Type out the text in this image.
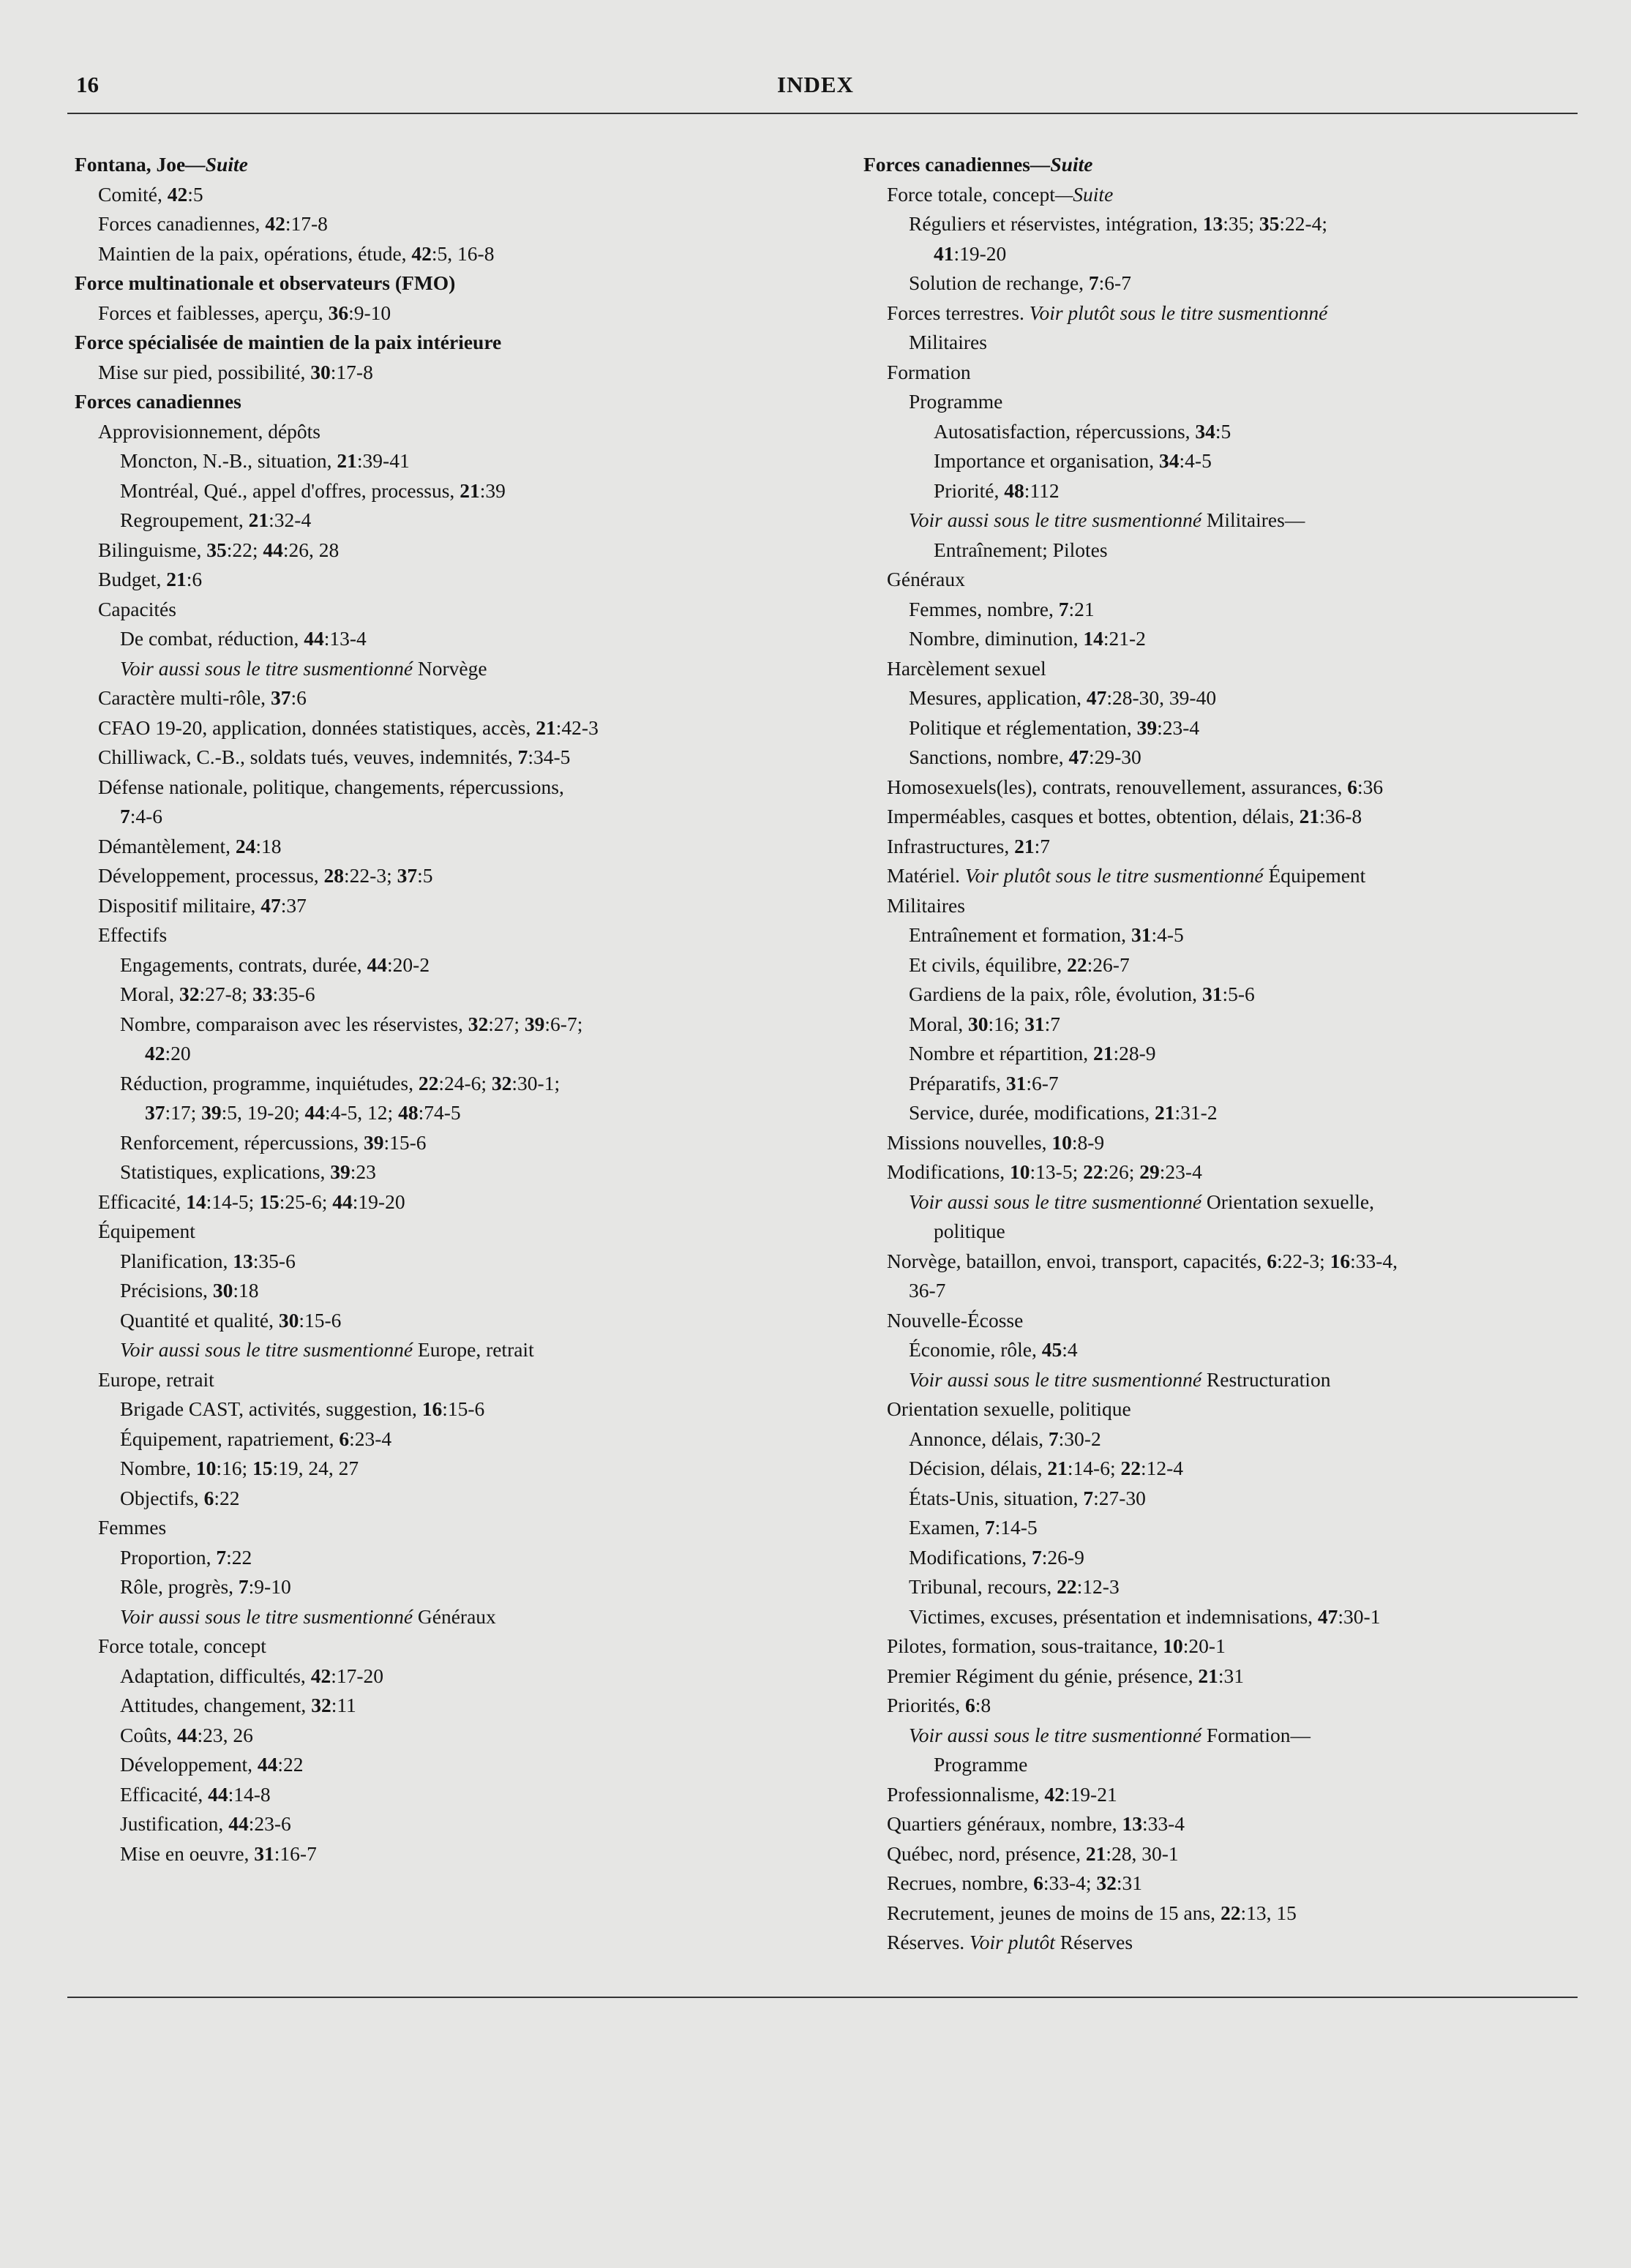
16	INDEX
Fontana, Joe—Suite
Comité, 42:5
Forces canadiennes, 42:17-8
Maintien de la paix, opérations, étude, 42:5, 16-8
Force multinationale et observateurs (FMO)
Forces et faiblesses, aperçu, 36:9-10
Force spécialisée de maintien de la paix intérieure
Mise sur pied, possibilité, 30:17-8
Forces canadiennes
Approvisionnement, dépôts
Moncton, N.-B., situation, 21:39-41
Montréal, Qué., appel d'offres, processus, 21:39
Regroupement, 21:32-4
Bilinguisme, 35:22; 44:26, 28
Budget, 21:6
Capacités
De combat, réduction, 44:13-4
Voir aussi sous le titre susmentionné Norvège
Caractère multi-rôle, 37:6
CFAO 19-20, application, données statistiques, accès, 21:42-3
Chilliwack, C.-B., soldats tués, veuves, indemnités, 7:34-5
Défense nationale, politique, changements, répercussions,
7:4-6
Démantèlement, 24:18
Développement, processus, 28:22-3; 37:5
Dispositif militaire, 47:37
Effectifs
Engagements, contrats, durée, 44:20-2
Moral, 32:27-8; 33:35-6
Nombre, comparaison avec les réservistes, 32:27; 39:6-7;
42:20
Réduction, programme, inquiétudes, 22:24-6; 32:30-1;
37:17; 39:5, 19-20; 44:4-5, 12; 48:74-5
Renforcement, répercussions, 39:15-6
Statistiques, explications, 39:23
Efficacité, 14:14-5; 15:25-6; 44:19-20
Équipement
Planification, 13:35-6
Précisions, 30:18
Quantité et qualité, 30:15-6
Voir aussi sous le titre susmentionné Europe, retrait
Europe, retrait
Brigade CAST, activités, suggestion, 16:15-6
Équipement, rapatriement, 6:23-4
Nombre, 10:16; 15:19, 24, 27
Objectifs, 6:22
Femmes
Proportion, 7:22
Rôle, progrès, 7:9-10
Voir aussi sous le titre susmentionné Généraux
Force totale, concept
Adaptation, difficultés, 42:17-20
Attitudes, changement, 32:11
Coûts, 44:23, 26
Développement, 44:22
Efficacité, 44:14-8
Justification, 44:23-6
Mise en oeuvre, 31:16-7
Forces canadiennes—Suite
Force totale, concept—Suite
Réguliers et réservistes, intégration, 13:35; 35:22-4;
41:19-20
Solution de rechange, 7:6-7
Forces terrestres. Voir plutôt sous le titre susmentionné
Militaires
Formation
Programme
Autosatisfaction, répercussions, 34:5
Importance et organisation, 34:4-5
Priorité, 48:112
Voir aussi sous le titre susmentionné Militaires—
Entraînement; Pilotes
Généraux
Femmes, nombre, 7:21
Nombre, diminution, 14:21-2
Harcèlement sexuel
Mesures, application, 47:28-30, 39-40
Politique et réglementation, 39:23-4
Sanctions, nombre, 47:29-30
Homosexuels(les), contrats, renouvellement, assurances, 6:36
Imperméables, casques et bottes, obtention, délais, 21:36-8
Infrastructures, 21:7
Matériel. Voir plutôt sous le titre susmentionné Équipement
Militaires
Entraînement et formation, 31:4-5
Et civils, équilibre, 22:26-7
Gardiens de la paix, rôle, évolution, 31:5-6
Moral, 30:16; 31:7
Nombre et répartition, 21:28-9
Préparatifs, 31:6-7
Service, durée, modifications, 21:31-2
Missions nouvelles, 10:8-9
Modifications, 10:13-5; 22:26; 29:23-4
Voir aussi sous le titre susmentionné Orientation sexuelle,
politique
Norvège, bataillon, envoi, transport, capacités, 6:22-3; 16:33-4,
36-7
Nouvelle-Écosse
Économie, rôle, 45:4
Voir aussi sous le titre susmentionné Restructuration
Orientation sexuelle, politique
Annonce, délais, 7:30-2
Décision, délais, 21:14-6; 22:12-4
États-Unis, situation, 7:27-30
Examen, 7:14-5
Modifications, 7:26-9
Tribunal, recours, 22:12-3
Victimes, excuses, présentation et indemnisations, 47:30-1
Pilotes, formation, sous-traitance, 10:20-1
Premier Régiment du génie, présence, 21:31
Priorités, 6:8
Voir aussi sous le titre susmentionné Formation—
Programme
Professionnalisme, 42:19-21
Quartiers généraux, nombre, 13:33-4
Québec, nord, présence, 21:28, 30-1
Recrues, nombre, 6:33-4; 32:31
Recrutement, jeunes de moins de 15 ans, 22:13, 15
Réserves. Voir plutôt Réserves
